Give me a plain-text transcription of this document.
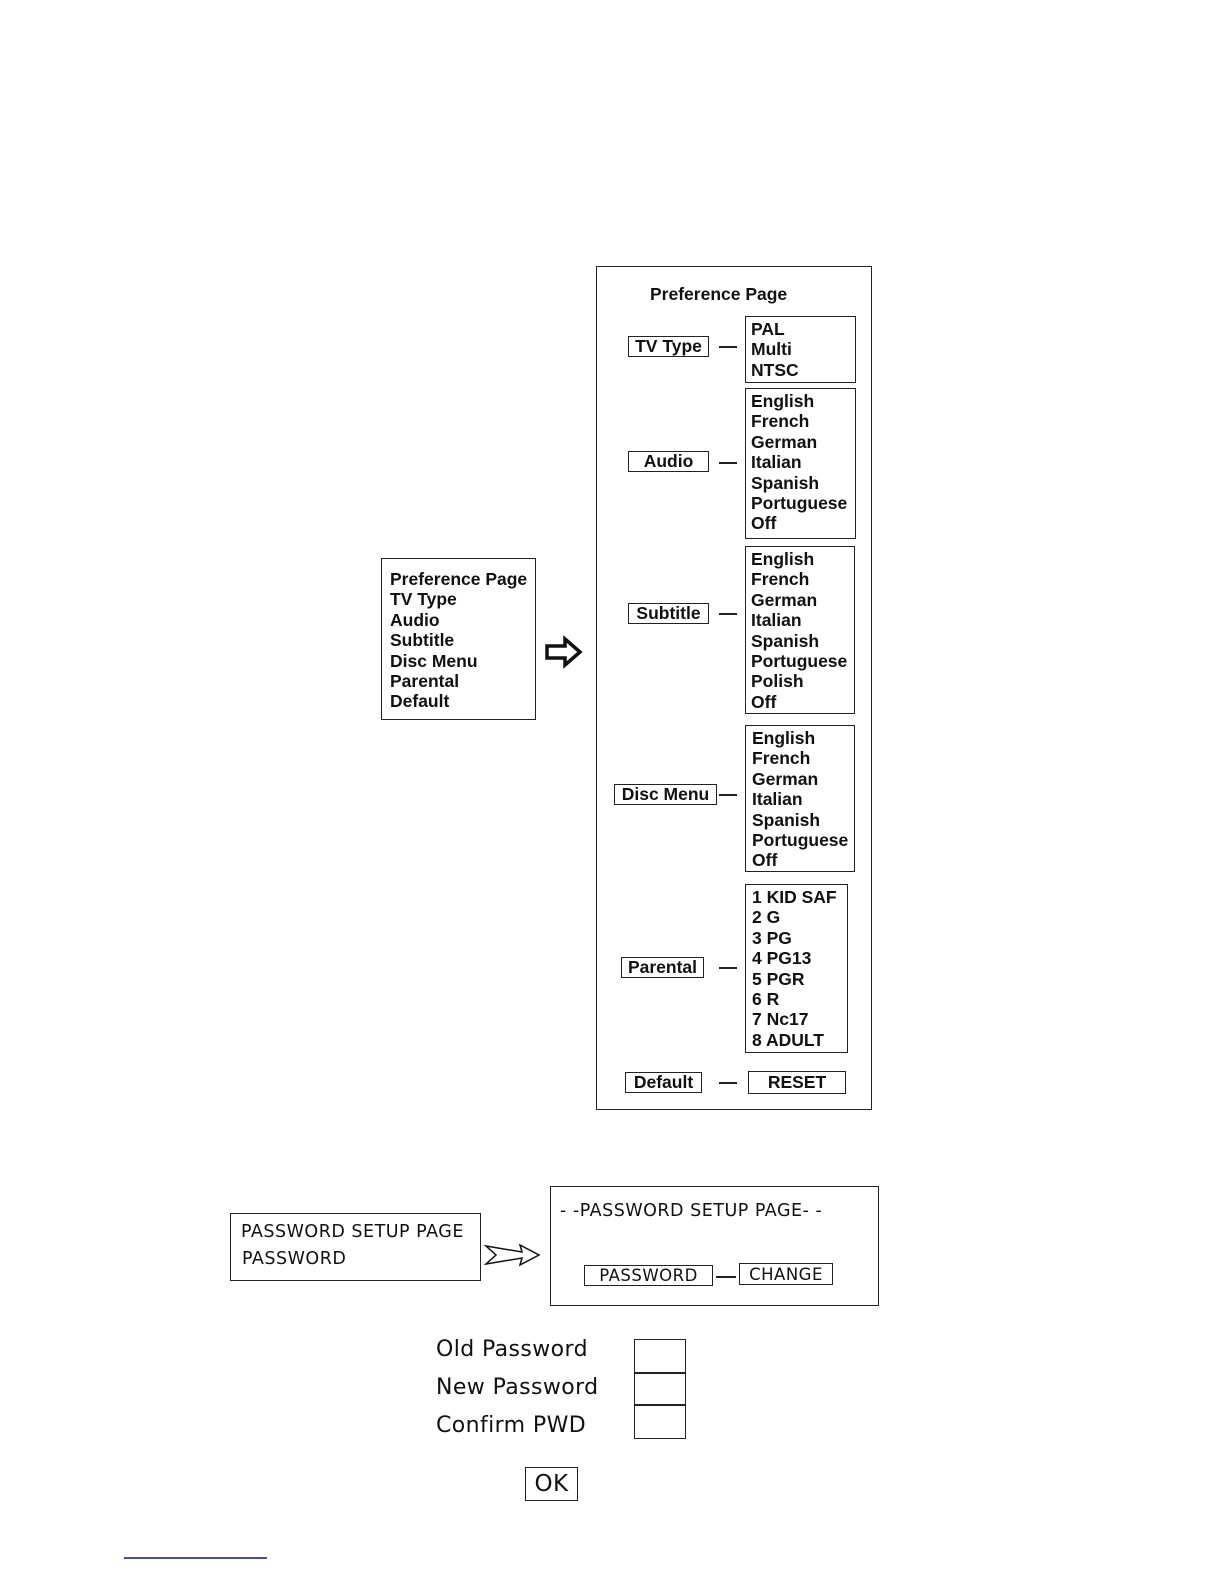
Preference Page
TV Type
Audio
Subtitle
Disc Menu
Parental
Default
Preference Page
TV Type
PAL
Multi
NTSC
Audio
English
French
German
Italian
Spanish
Portuguese
Off
Subtitle
English
French
German
Italian
Spanish
Portuguese
Polish
Off
Disc Menu
English
French
German
Italian
Spanish
Portuguese
Off
Parental
1 KID SAF
2 G
3 PG
4 PG13
5 PGR
6 R
7 Nc17
8 ADULT
Default	RESET
PASSWORD SETUP PAGE
PASSWORD
- -PASSWORD SETUP PAGE- -
PASSWORD	CHANGE
Old Password
New Password
Confirm PWD
OK
